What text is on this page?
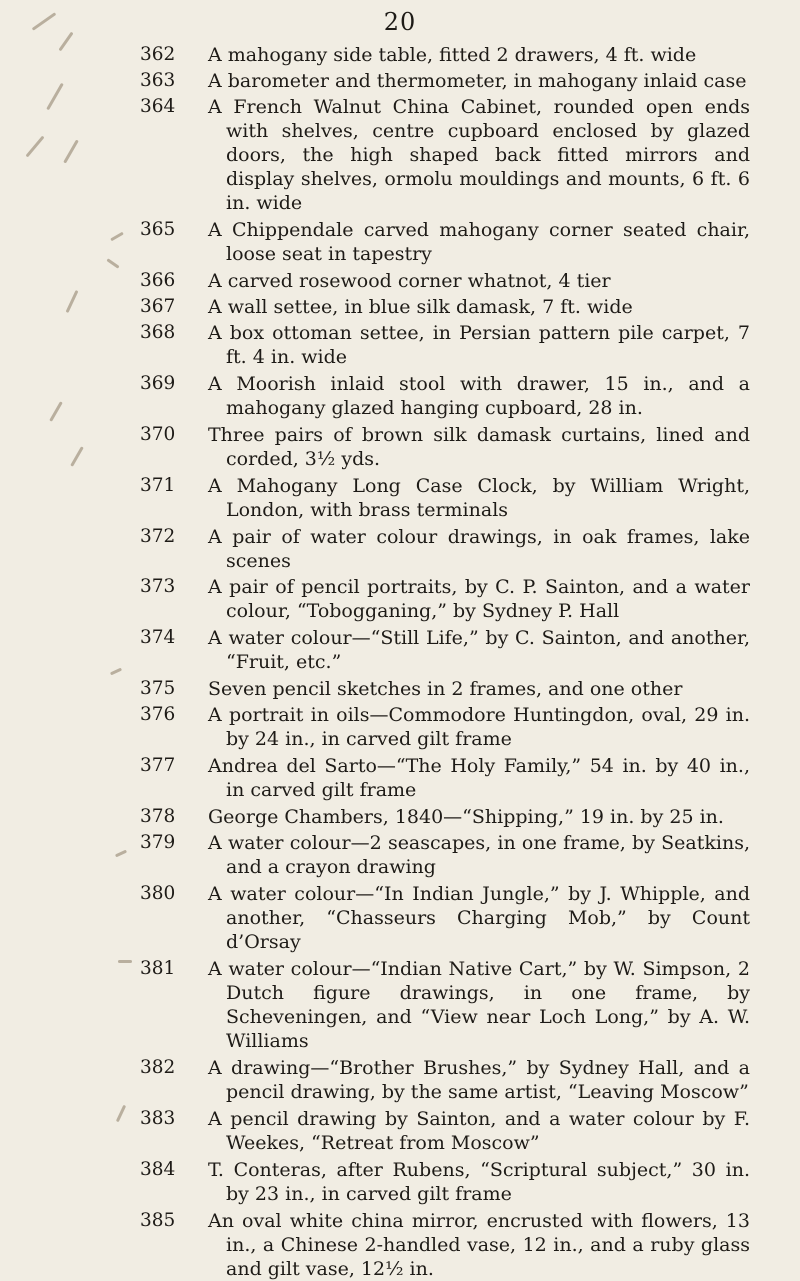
20
362	A mahogany side table, fitted 2 drawers, 4 ft. wide
363	A barometer and thermometer, in mahogany inlaid case
364	A French Walnut China Cabinet, rounded open ends with shelves, centre cupboard enclosed by glazed doors, the high shaped back fitted mirrors and display shelves, ormolu mouldings and mounts, 6 ft. 6 in. wide
365	A Chippendale carved mahogany corner seated chair, loose seat in tapestry
366	A carved rosewood corner whatnot, 4 tier
367	A wall settee, in blue silk damask, 7 ft. wide
368	A box ottoman settee, in Persian pattern pile carpet, 7 ft. 4 in. wide
369	A Moorish inlaid stool with drawer, 15 in., and a mahogany glazed hanging cupboard, 28 in.
370	Three pairs of brown silk damask curtains, lined and corded, 3½ yds.
371	A Mahogany Long Case Clock, by William Wright, London, with brass terminals
372	A pair of water colour drawings, in oak frames, lake scenes
373	A pair of pencil portraits, by C. P. Sainton, and a water colour, “Tobogganing,” by Sydney P. Hall
374	A water colour—“Still Life,” by C. Sainton, and another, “Fruit, etc.”
375	Seven pencil sketches in 2 frames, and one other
376	A portrait in oils—Commodore Huntingdon, oval, 29 in. by 24 in., in carved gilt frame
377	Andrea del Sarto—“The Holy Family,” 54 in. by 40 in., in carved gilt frame
378	George Chambers, 1840—“Shipping,” 19 in. by 25 in.
379	A water colour—2 seascapes, in one frame, by Seatkins, and a crayon drawing
380	A water colour—“In Indian Jungle,” by J. Whipple, and another, “Chasseurs Charging Mob,” by Count d’Orsay
381	A water colour—“Indian Native Cart,” by W. Simpson, 2 Dutch figure drawings, in one frame, by Scheveningen, and “View near Loch Long,” by A. W. Williams
382	A drawing—“Brother Brushes,” by Sydney Hall, and a pencil drawing, by the same artist, “Leaving Moscow”
383	A pencil drawing by Sainton, and a water colour by F. Weekes, “Retreat from Moscow”
384	T. Conteras, after Rubens, “Scriptural subject,” 30 in. by 23 in., in carved gilt frame
385	An oval white china mirror, encrusted with flowers, 13 in., a Chinese 2-handled vase, 12 in., and a ruby glass and gilt vase, 12½ in.
